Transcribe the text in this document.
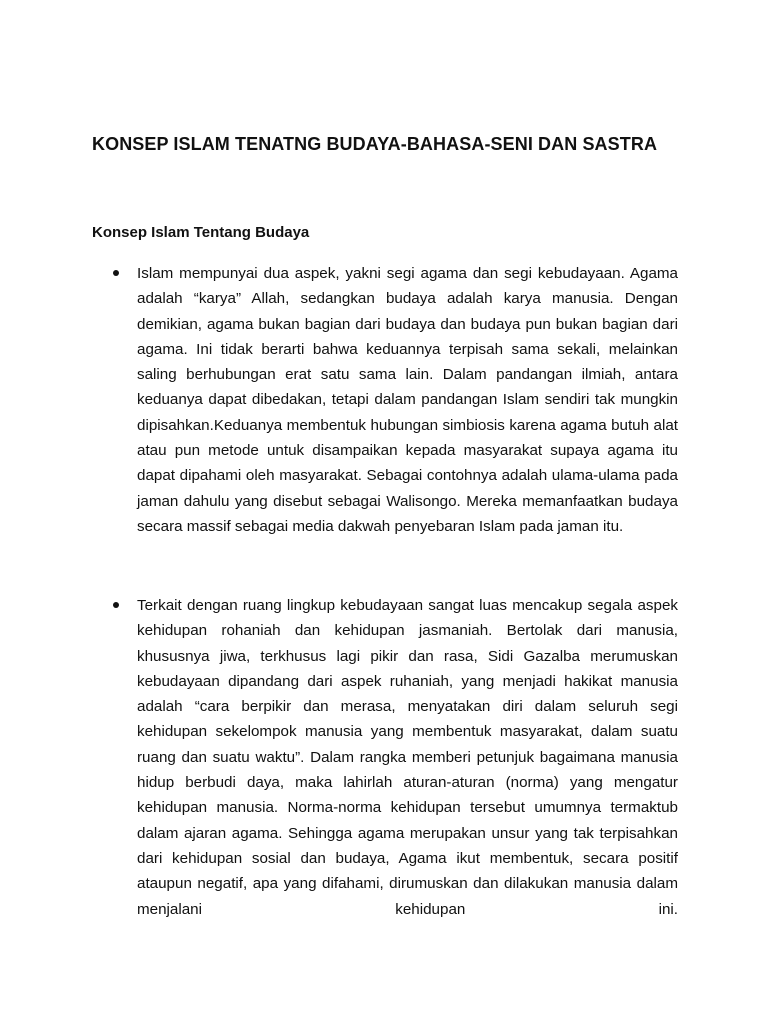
KONSEP ISLAM TENATNG BUDAYA-BAHASA-SENI DAN SASTRA
Konsep Islam Tentang Budaya
Islam mempunyai dua aspek, yakni segi agama dan segi kebudayaan. Agama adalah “karya” Allah, sedangkan budaya adalah karya manusia. Dengan demikian, agama bukan bagian dari budaya dan budaya pun bukan bagian dari agama. Ini tidak berarti bahwa keduannya terpisah sama sekali, melainkan saling berhubungan erat satu sama lain. Dalam pandangan ilmiah, antara keduanya dapat dibedakan, tetapi dalam pandangan Islam sendiri tak mungkin dipisahkan.Keduanya membentuk hubungan simbiosis karena agama butuh alat atau pun metode untuk disampaikan kepada masyarakat supaya agama itu dapat dipahami oleh masyarakat. Sebagai contohnya adalah ulama-ulama pada jaman dahulu yang disebut sebagai Walisongo. Mereka memanfaatkan budaya secara massif sebagai media dakwah penyebaran Islam pada jaman itu.
Terkait dengan ruang lingkup kebudayaan sangat luas mencakup segala aspek kehidupan rohaniah dan kehidupan jasmaniah. Bertolak dari manusia, khususnya jiwa, terkhusus lagi pikir dan rasa, Sidi Gazalba merumuskan kebudayaan dipandang dari aspek ruhaniah, yang menjadi hakikat manusia adalah “cara berpikir dan merasa, menyatakan diri dalam seluruh segi kehidupan sekelompok manusia yang membentuk masyarakat, dalam suatu ruang dan suatu waktu”. Dalam rangka memberi petunjuk bagaimana manusia hidup berbudi daya, maka lahirlah aturan-aturan (norma) yang mengatur kehidupan manusia. Norma-norma kehidupan tersebut umumnya termaktub dalam ajaran agama. Sehingga agama merupakan unsur yang tak terpisahkan dari kehidupan sosial dan budaya, Agama ikut membentuk, secara positif ataupun negatif, apa yang difahami, dirumuskan dan dilakukan manusia dalam menjalani kehidupan ini.
